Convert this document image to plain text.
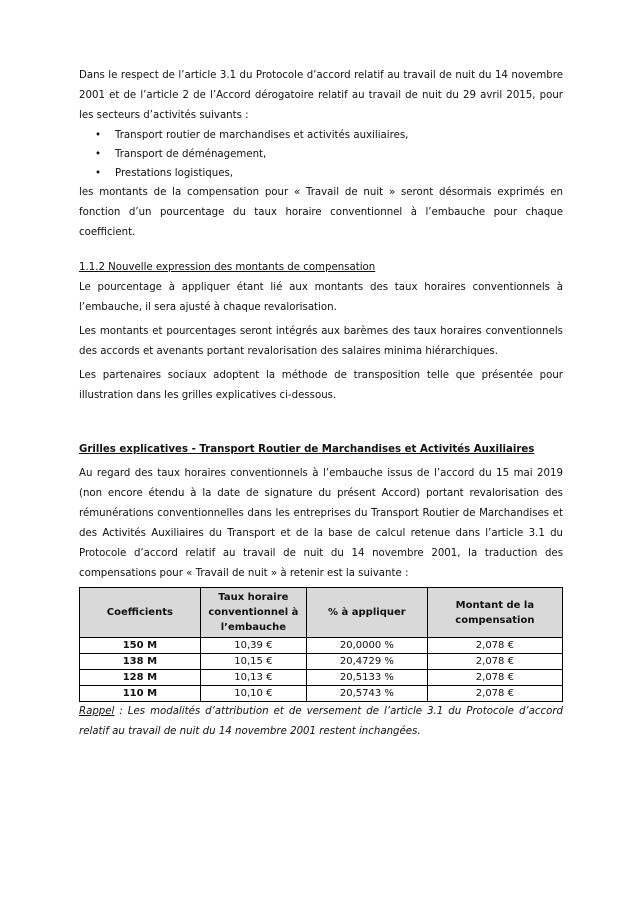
Dans le respect de l’article 3.1 du Protocole d’accord relatif au travail de nuit du 14 novembre 2001 et de l’article 2 de l’Accord dérogatoire relatif au travail de nuit du 29 avril 2015, pour les secteurs d’activités suivants :

• Transport routier de marchandises et activités auxiliaires,
• Transport de déménagement,
• Prestations logistiques,

les montants de la compensation pour « Travail de nuit » seront désormais exprimés en fonction d’un pourcentage du taux horaire conventionnel à l’embauche pour chaque coefficient.

1.1.2 Nouvelle expression des montants de compensation

Le pourcentage à appliquer étant lié aux montants des taux horaires conventionnels à l’embauche, il sera ajusté à chaque revalorisation.

Les montants et pourcentages seront intégrés aux barèmes des taux horaires conventionnels des accords et avenants portant revalorisation des salaires minima hiérarchiques.

Les partenaires sociaux adoptent la méthode de transposition telle que présentée pour illustration dans les grilles explicatives ci-dessous.

Grilles explicatives - Transport Routier de Marchandises et Activités Auxiliaires

Au regard des taux horaires conventionnels à l’embauche issus de l’accord du 15 mai 2019 (non encore étendu à la date de signature du présent Accord) portant revalorisation des rémunérations conventionnelles dans les entreprises du Transport Routier de Marchandises et des Activités Auxiliaires du Transport et de la base de calcul retenue dans l’article 3.1 du Protocole d’accord relatif au travail de nuit du 14 novembre 2001, la traduction des compensations pour « Travail de nuit » à retenir est la suivante :

Coefficients	Taux horaire conventionnel à l’embauche	% à appliquer	Montant de la compensation
150 M	10,39 €	20,0000 %	2,078 €
138 M	10,15 €	20,4729 %	2,078 €
128 M	10,13 €	20,5133 %	2,078 €
110 M	10,10 €	20,5743 %	2,078 €

Rappel : Les modalités d’attribution et de versement de l’article 3.1 du Protocole d’accord relatif au travail de nuit du 14 novembre 2001 restent inchangées.
